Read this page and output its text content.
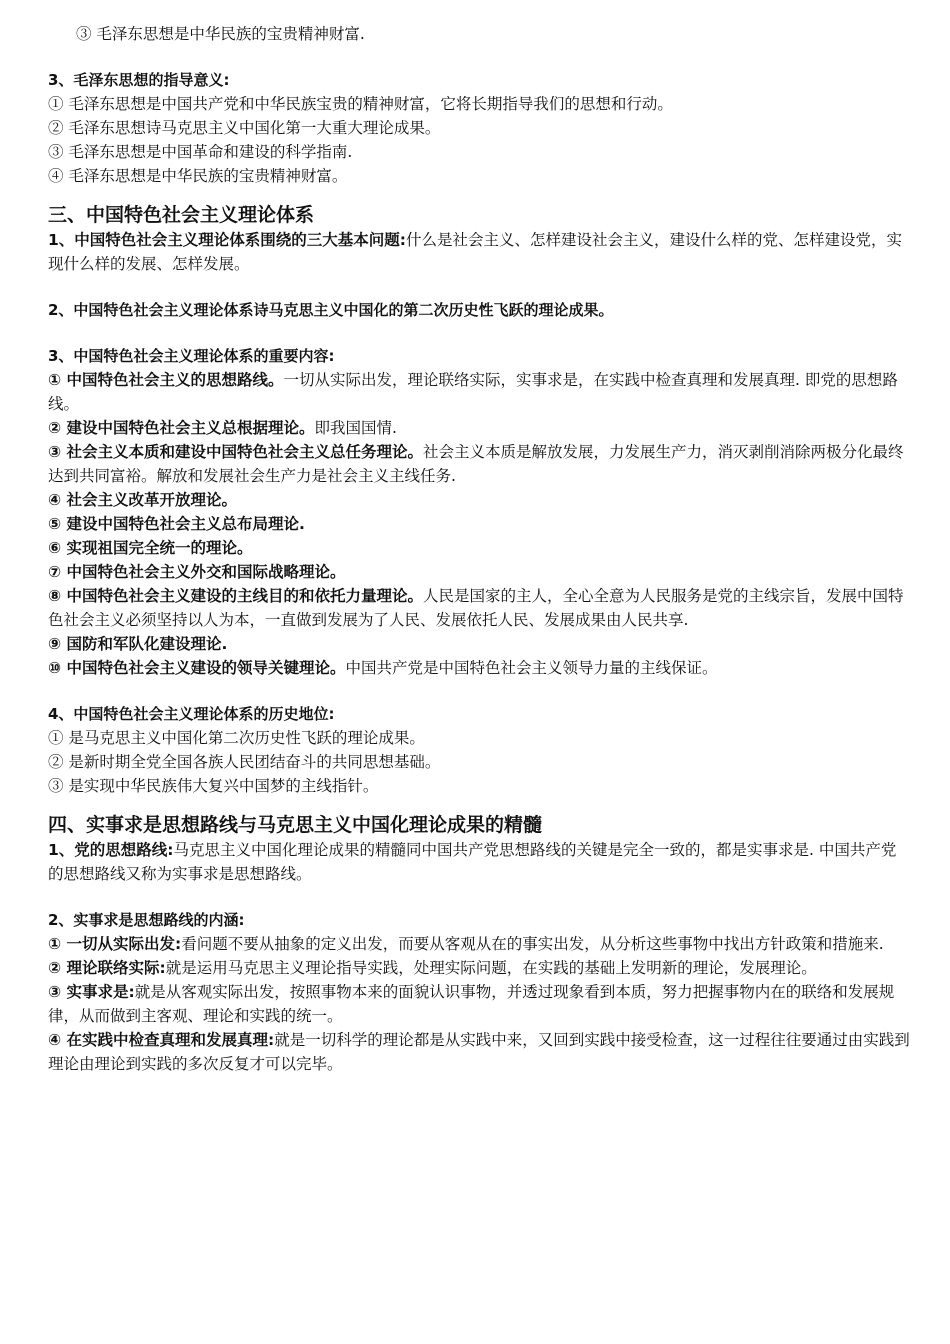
③ 毛泽东思想是中华民族的宝贵精神财富.

3、毛泽东思想的指导意义:

① 毛泽东思想是中国共产党和中华民族宝贵的精神财富，它将长期指导我们的思想和行动。

② 毛泽东思想诗马克思主义中国化第一大重大理论成果。

③ 毛泽东思想是中国革命和建设的科学指南.

④ 毛泽东思想是中华民族的宝贵精神财富。

三、中国特色社会主义理论体系

1、中国特色社会主义理论体系围绕的三大基本问题:什么是社会主义、怎样建设社会主义，建设什么样的党、怎样建设党，实现什么样的发展、怎样发展。

2、中国特色社会主义理论体系诗马克思主义中国化的第二次历史性飞跃的理论成果。

3、中国特色社会主义理论体系的重要内容:

① 中国特色社会主义的思想路线。一切从实际出发，理论联络实际，实事求是，在实践中检查真理和发展真理. 即党的思想路线。

② 建设中国特色社会主义总根据理论。即我国国情.

③ 社会主义本质和建设中国特色社会主义总任务理论。社会主义本质是解放发展，力发展生产力，消灭剥削消除两极分化最终达到共同富裕。解放和发展社会生产力是社会主义主线任务.

④ 社会主义改革开放理论。

⑤ 建设中国特色社会主义总布局理论.

⑥ 实现祖国完全统一的理论。

⑦ 中国特色社会主义外交和国际战略理论。

⑧ 中国特色社会主义建设的主线目的和依托力量理论。人民是国家的主人，全心全意为人民服务是党的主线宗旨，发展中国特色社会主义必须坚持以人为本，一直做到发展为了人民、发展依托人民、发展成果由人民共享.

⑨ 国防和军队化建设理论.

⑩ 中国特色社会主义建设的领导关键理论。中国共产党是中国特色社会主义领导力量的主线保证。

4、中国特色社会主义理论体系的历史地位:

① 是马克思主义中国化第二次历史性飞跃的理论成果。

② 是新时期全党全国各族人民团结奋斗的共同思想基础。

③ 是实现中华民族伟大复兴中国梦的主线指针。

四、实事求是思想路线与马克思主义中国化理论成果的精髓

1、党的思想路线:马克思主义中国化理论成果的精髓同中国共产党思想路线的关键是完全一致的，都是实事求是. 中国共产党的思想路线又称为实事求是思想路线。

2、实事求是思想路线的内涵:

① 一切从实际出发:看问题不要从抽象的定义出发，而要从客观从在的事实出发，从分析这些事物中找出方针政策和措施来.

② 理论联络实际:就是运用马克思主义理论指导实践，处理实际问题，在实践的基础上发明新的理论，发展理论。

③ 实事求是:就是从客观实际出发，按照事物本来的面貌认识事物，并透过现象看到本质，努力把握事物内在的联络和发展规律，从而做到主客观、理论和实践的统一。

④ 在实践中检查真理和发展真理:就是一切科学的理论都是从实践中来，又回到实践中接受检查，这一过程往往要通过由实践到理论由理论到实践的多次反复才可以完毕。
